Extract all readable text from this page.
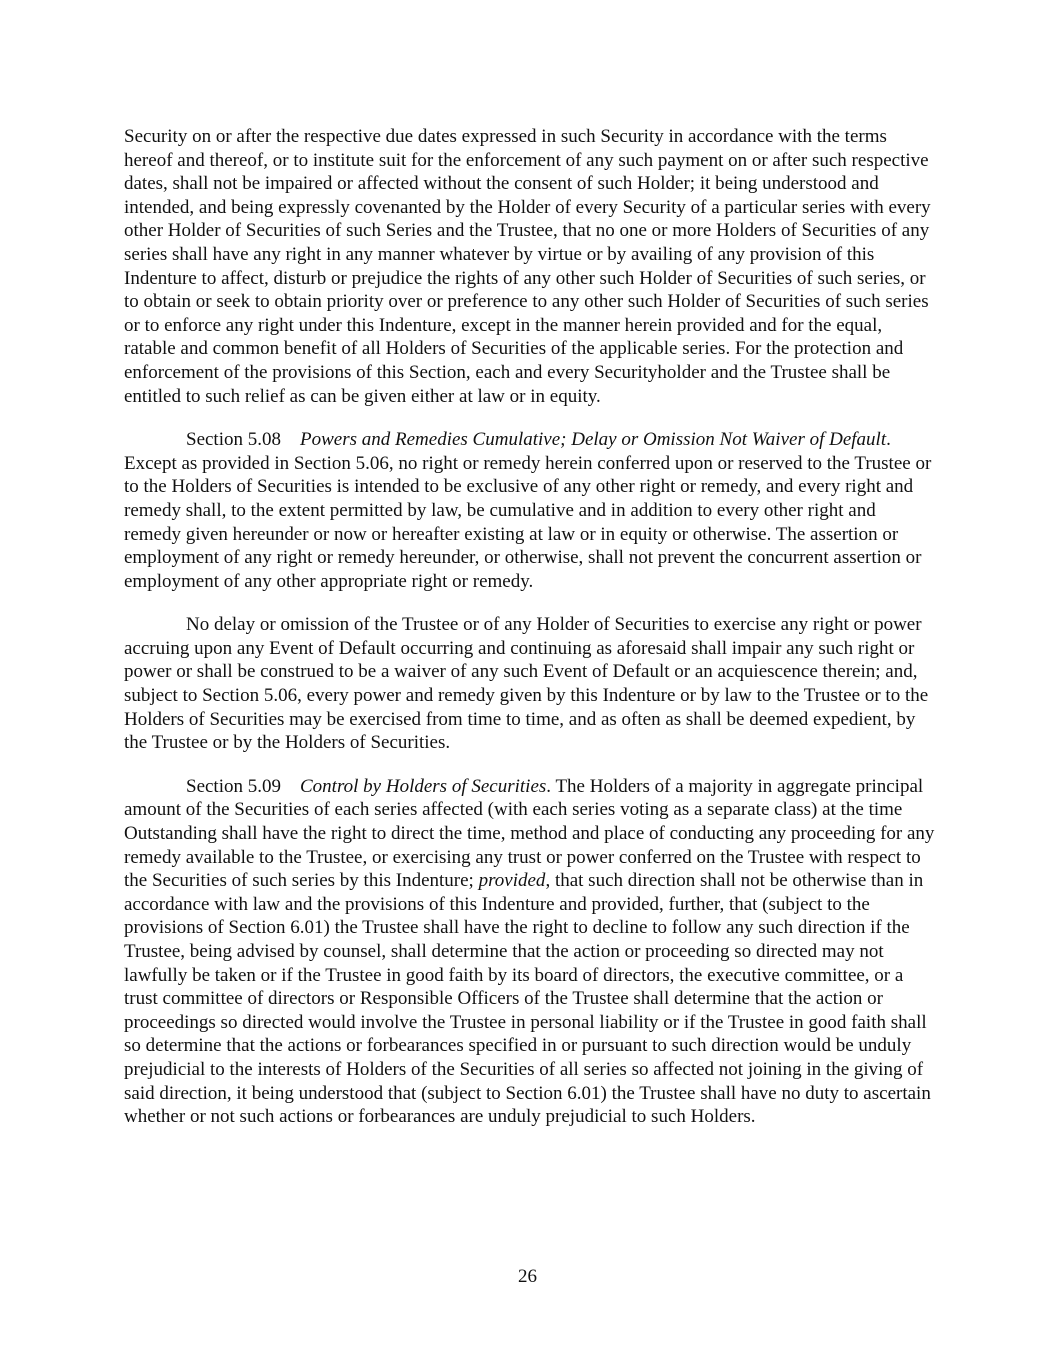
Security on or after the respective due dates expressed in such Security in accordance with the terms hereof and thereof, or to institute suit for the enforcement of any such payment on or after such respective dates, shall not be impaired or affected without the consent of such Holder; it being understood and intended, and being expressly covenanted by the Holder of every Security of a particular series with every other Holder of Securities of such Series and the Trustee, that no one or more Holders of Securities of any series shall have any right in any manner whatever by virtue or by availing of any provision of this Indenture to affect, disturb or prejudice the rights of any other such Holder of Securities of such series, or to obtain or seek to obtain priority over or preference to any other such Holder of Securities of such series or to enforce any right under this Indenture, except in the manner herein provided and for the equal, ratable and common benefit of all Holders of Securities of the applicable series. For the protection and enforcement of the provisions of this Section, each and every Securityholder and the Trustee shall be entitled to such relief as can be given either at law or in equity.

Section 5.08 Powers and Remedies Cumulative; Delay or Omission Not Waiver of Default. Except as provided in Section 5.06, no right or remedy herein conferred upon or reserved to the Trustee or to the Holders of Securities is intended to be exclusive of any other right or remedy, and every right and remedy shall, to the extent permitted by law, be cumulative and in addition to every other right and remedy given hereunder or now or hereafter existing at law or in equity or otherwise. The assertion or employment of any right or remedy hereunder, or otherwise, shall not prevent the concurrent assertion or employment of any other appropriate right or remedy.

No delay or omission of the Trustee or of any Holder of Securities to exercise any right or power accruing upon any Event of Default occurring and continuing as aforesaid shall impair any such right or power or shall be construed to be a waiver of any such Event of Default or an acquiescence therein; and, subject to Section 5.06, every power and remedy given by this Indenture or by law to the Trustee or to the Holders of Securities may be exercised from time to time, and as often as shall be deemed expedient, by the Trustee or by the Holders of Securities.

Section 5.09 Control by Holders of Securities. The Holders of a majority in aggregate principal amount of the Securities of each series affected (with each series voting as a separate class) at the time Outstanding shall have the right to direct the time, method and place of conducting any proceeding for any remedy available to the Trustee, or exercising any trust or power conferred on the Trustee with respect to the Securities of such series by this Indenture; provided, that such direction shall not be otherwise than in accordance with law and the provisions of this Indenture and provided, further, that (subject to the provisions of Section 6.01) the Trustee shall have the right to decline to follow any such direction if the Trustee, being advised by counsel, shall determine that the action or proceeding so directed may not lawfully be taken or if the Trustee in good faith by its board of directors, the executive committee, or a trust committee of directors or Responsible Officers of the Trustee shall determine that the action or proceedings so directed would involve the Trustee in personal liability or if the Trustee in good faith shall so determine that the actions or forbearances specified in or pursuant to such direction would be unduly prejudicial to the interests of Holders of the Securities of all series so affected not joining in the giving of said direction, it being understood that (subject to Section 6.01) the Trustee shall have no duty to ascertain whether or not such actions or forbearances are unduly prejudicial to such Holders.

26
